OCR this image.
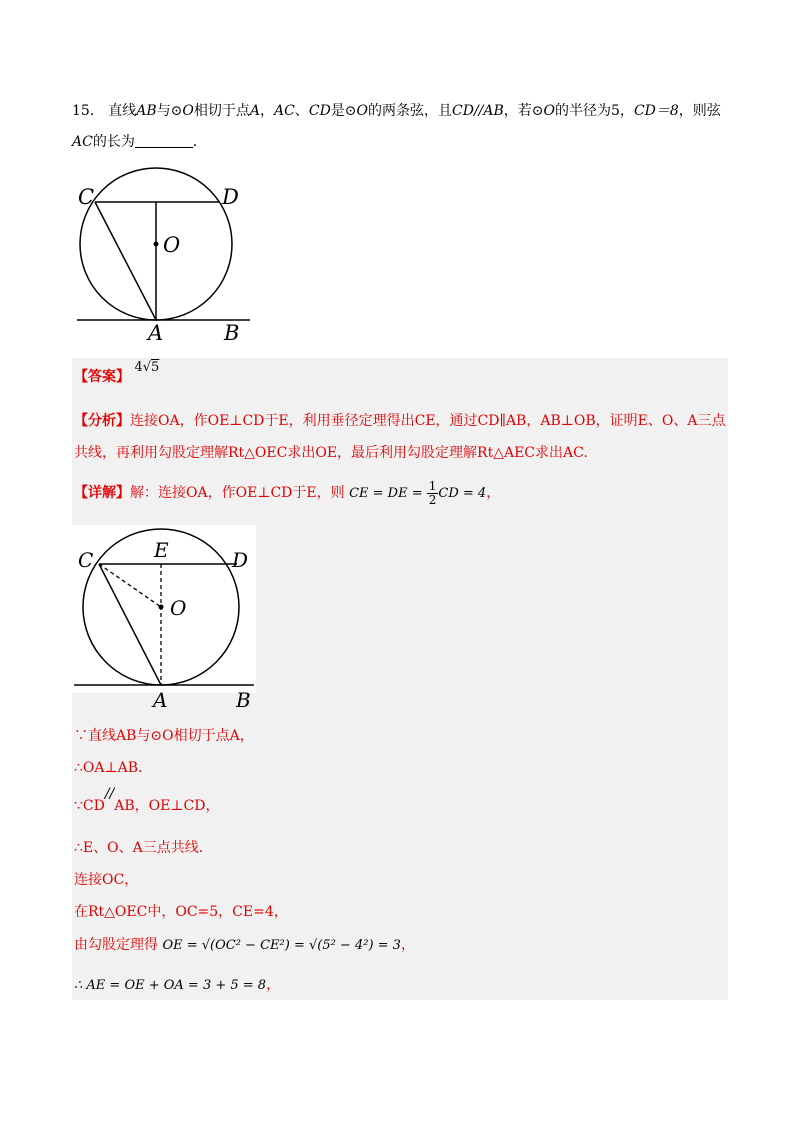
15． 直线AB与⊙O相切于点A，AC、CD是⊙O的两条弦，且CD//AB，若⊙O的半径为5，CD＝8，则弦
AC的长为	．
C	D
O
A	B
【答案】 4√5
【分析】连接OA，作OE⊥CD于E，利用垂径定理得出CE，通过CD∥AB，AB⊥OB，证明E、O、A三点
共线，再利用勾股定理解Rt△OEC求出OE，最后利用勾股定理解Rt△AEC求出AC.
【详解】解：连接OA，作OE⊥CD于E，则 CE = DE = $\frac{1}{2}$ CD = 4，
C	E	D
O
A	B
∵直线AB与⊙O相切于点A，
∴OA⊥AB．
∵CD//AB，OE⊥CD，
∴E、O、A三点共线．
连接OC，
在Rt△OEC中，OC=5，CE=4，
由勾股定理得 OE = √(OC² − CE²) = √(5² − 4²) = 3，
∴ AE = OE + OA = 3 + 5 = 8，
